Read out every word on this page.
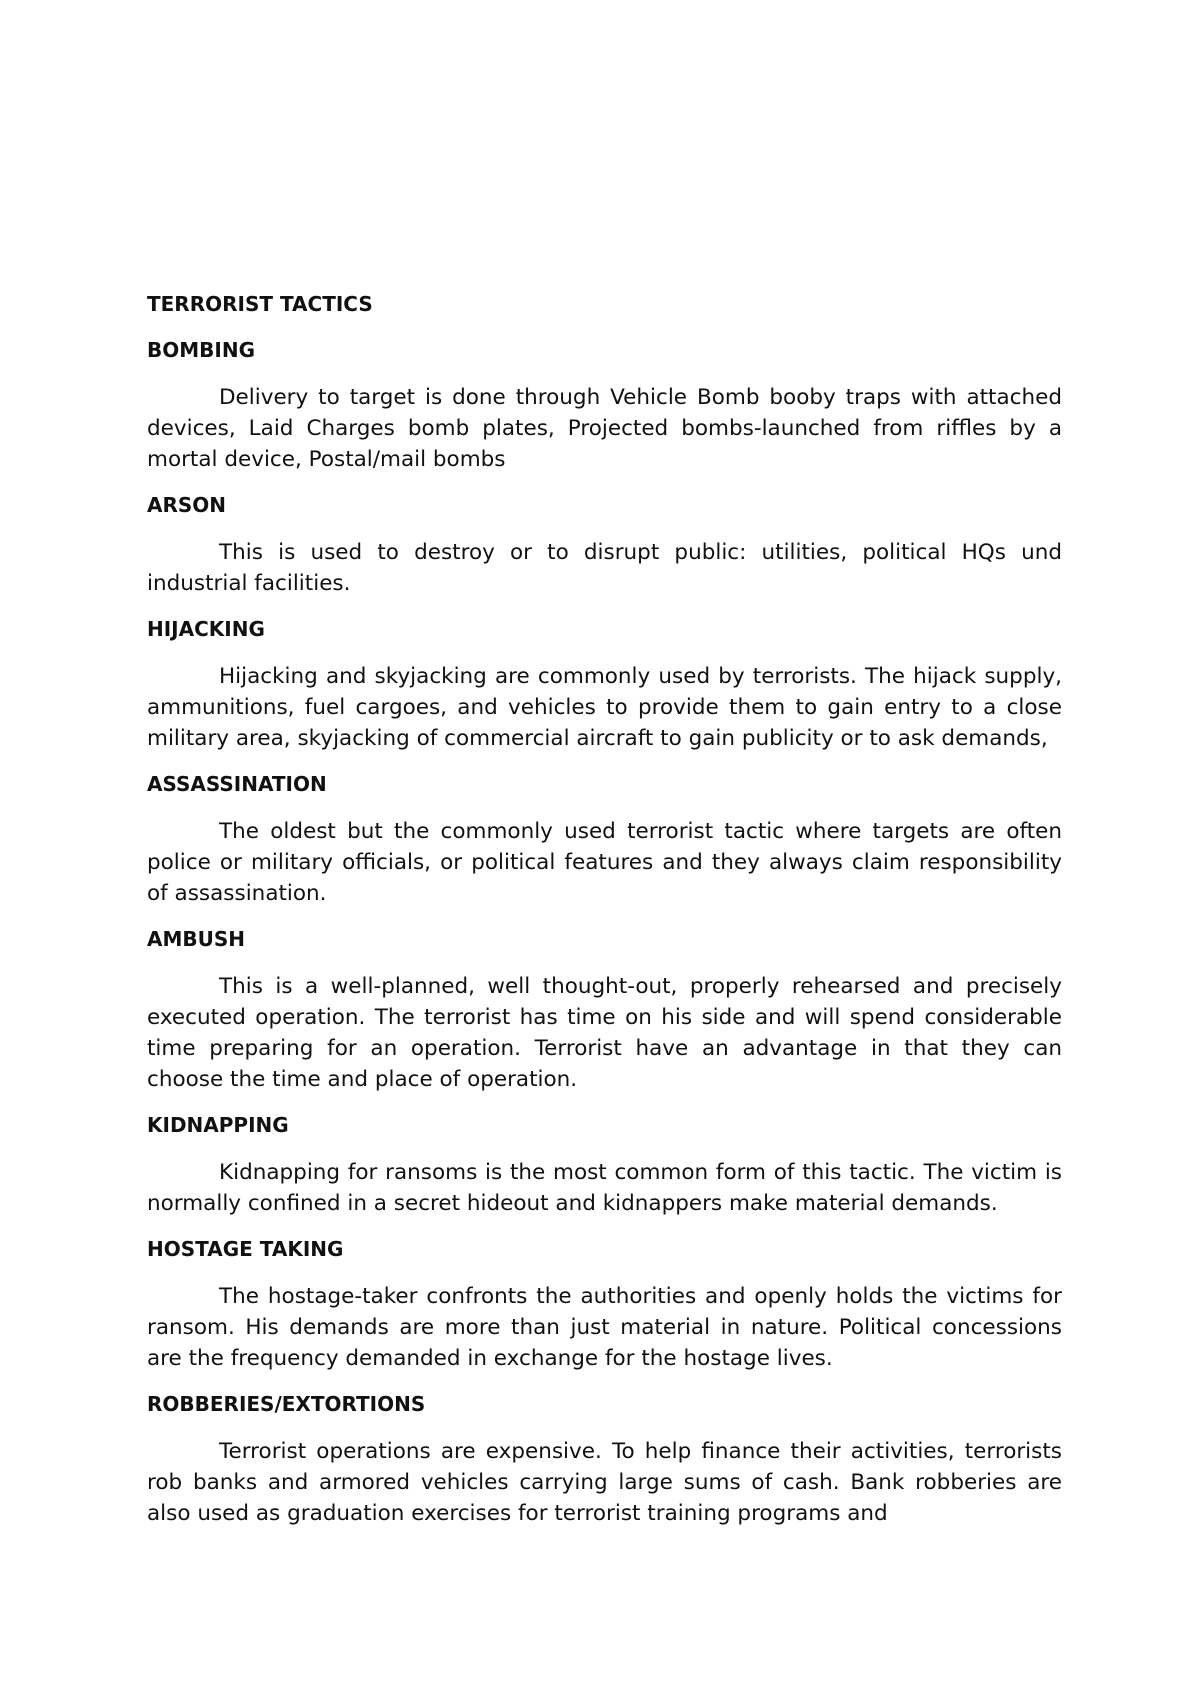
TERRORIST TACTICS
BOMBING

Delivery to target is done through Vehicle Bomb booby traps with attached devices, Laid Charges bomb plates, Projected bombs-launched from riffles by a mortal device, Postal/mail bombs

ARSON

This is used to destroy or to disrupt public: utilities, political HQs und industrial facilities.

HIJACKING

Hijacking and skyjacking are commonly used by terrorists. The hijack supply, ammunitions, fuel cargoes, and vehicles to provide them to gain entry to a close military area, skyjacking of commercial aircraft to gain publicity or to ask demands,

ASSASSINATION

The oldest but the commonly used terrorist tactic where targets are often police or military officials, or political features and they always claim responsibility of assassination.

AMBUSH

This is a well-planned, well thought-out, properly rehearsed and precisely executed operation. The terrorist has time on his side and will spend considerable time preparing for an operation. Terrorist have an advantage in that they can choose the time and place of operation.

KIDNAPPING

Kidnapping for ransoms is the most common form of this tactic. The victim is normally confined in a secret hideout and kidnappers make material demands.

HOSTAGE TAKING

The hostage-taker confronts the authorities and openly holds the victims for ransom. His demands are more than just material in nature. Political concessions are the frequency demanded in exchange for the hostage lives.

ROBBERIES/EXTORTIONS

Terrorist operations are expensive. To help finance their activities, terrorists rob banks and armored vehicles carrying large sums of cash. Bank robberies are also used as graduation exercises for terrorist training programs and
